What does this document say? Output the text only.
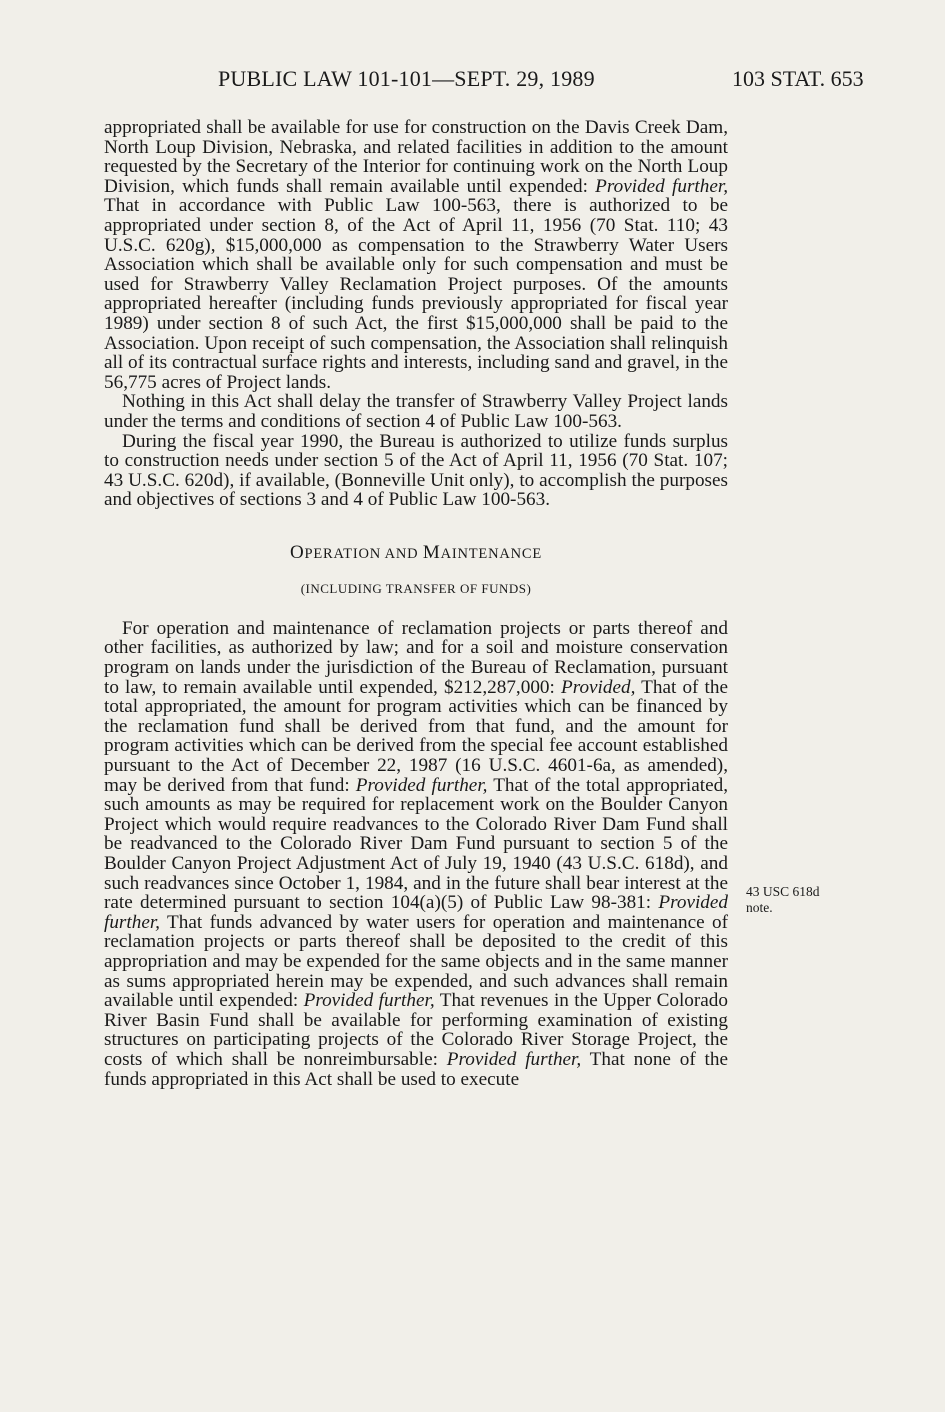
PUBLIC LAW 101-101—SEPT. 29, 1989	103 STAT. 653

appropriated shall be available for use for construction on the Davis Creek Dam, North Loup Division, Nebraska, and related facilities in addition to the amount requested by the Secretary of the Interior for continuing work on the North Loup Division, which funds shall remain available until expended: Provided further, That in accordance with Public Law 100-563, there is authorized to be appropriated under section 8, of the Act of April 11, 1956 (70 Stat. 110; 43 U.S.C. 620g), $15,000,000 as compensation to the Strawberry Water Users Association which shall be available only for such compensation and must be used for Strawberry Valley Reclamation Project purposes. Of the amounts appropriated hereafter (including funds previously appropriated for fiscal year 1989) under section 8 of such Act, the first $15,000,000 shall be paid to the Association. Upon receipt of such compensation, the Association shall relinquish all of its contractual surface rights and interests, including sand and gravel, in the 56,775 acres of Project lands.

Nothing in this Act shall delay the transfer of Strawberry Valley Project lands under the terms and conditions of section 4 of Public Law 100-563.

During the fiscal year 1990, the Bureau is authorized to utilize funds surplus to construction needs under section 5 of the Act of April 11, 1956 (70 Stat. 107; 43 U.S.C. 620d), if available, (Bonneville Unit only), to accomplish the purposes and objectives of sections 3 and 4 of Public Law 100-563.

OPERATION AND MAINTENANCE

(INCLUDING TRANSFER OF FUNDS)

For operation and maintenance of reclamation projects or parts thereof and other facilities, as authorized by law; and for a soil and moisture conservation program on lands under the jurisdiction of the Bureau of Reclamation, pursuant to law, to remain available until expended, $212,287,000: Provided, That of the total appropriated, the amount for program activities which can be financed by the reclamation fund shall be derived from that fund, and the amount for program activities which can be derived from the special fee account established pursuant to the Act of December 22, 1987 (16 U.S.C. 4601-6a, as amended), may be derived from that fund: Provided further, That of the total appropriated, such amounts as may be required for replacement work on the Boulder Canyon Project which would require readvances to the Colorado River Dam Fund shall be readvanced to the Colorado River Dam Fund pursuant to section 5 of the Boulder Canyon Project Adjustment Act of July 19, 1940 (43 U.S.C. 618d), and such readvances since October 1, 1984, and in the future shall bear interest at the rate determined pursuant to section 104(a)(5) of Public Law 98-381: Provided further, That funds advanced by water users for operation and maintenance of reclamation projects or parts thereof shall be deposited to the credit of this appropriation and may be expended for the same objects and in the same manner as sums appropriated herein may be expended, and such advances shall remain available until expended: Provided further, That revenues in the Upper Colorado River Basin Fund shall be available for performing examination of existing structures on participating projects of the Colorado River Storage Project, the costs of which shall be nonreimbursable: Provided further, That none of the funds appropriated in this Act shall be used to execute

43 USC 618d
note.
